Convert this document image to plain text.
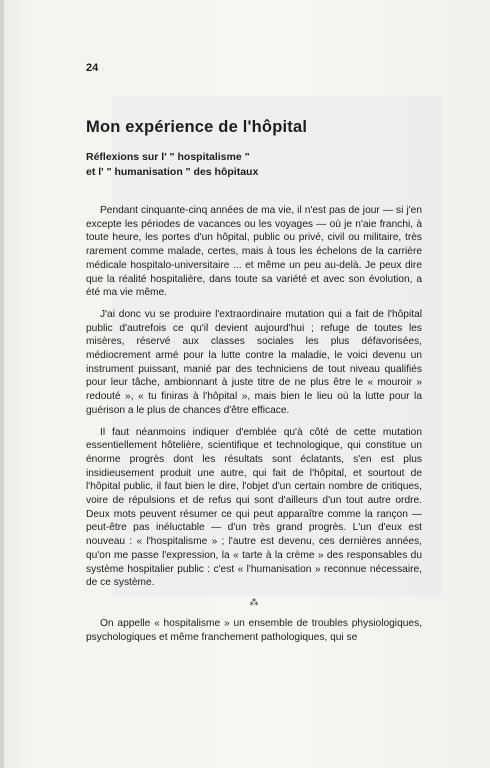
24
Mon expérience de l'hôpital
Réflexions sur l' " hospitalisme "
et l' " humanisation " des hôpitaux

Pendant cinquante-cinq années de ma vie, il n'est pas de jour — si j'en excepte les périodes de vacances ou les voyages — où je n'aie franchi, à toute heure, les portes d'un hôpital, public ou privé, civil ou militaire, très rarement comme malade, certes, mais à tous les échelons de la carrière médicale hospitalo-universitaire ... et même un peu au-delà. Je peux dire que la réalité hospitalière, dans toute sa variété et avec son évolution, a été ma vie même.

J'ai donc vu se produire l'extraordinaire mutation qui a fait de l'hôpital public d'autrefois ce qu'il devient aujourd'hui ; refuge de toutes les misères, réservé aux classes sociales les plus défavorisées, médiocrement armé pour la lutte contre la maladie, le voici devenu un instrument puissant, manié par des techniciens de tout niveau qualifiés pour leur tâche, ambionnant à juste titre de ne plus être le « mouroir » redouté », « tu finiras à l'hôpital », mais bien le lieu où la lutte pour la guérison a le plus de chances d'être efficace.

Il faut néanmoins indiquer d'emblée qu'à côté de cette mutation essentiellement hôtelière, scientifique et technologique, qui constitue un énorme progrès dont les résultats sont éclatants, s'en est plus insidieusement produit une autre, qui fait de l'hôpital, et sourtout de l'hôpital public, il faut bien le dire, l'objet d'un certain nombre de critiques, voire de répulsions et de refus qui sont d'ailleurs d'un tout autre ordre. Deux mots peuvent résumer ce qui peut apparaître comme la rançon — peut-être pas inéluctable — d'un très grand progrès. L'un d'eux est nouveau : « l'hospitalisme » ; l'autre est devenu, ces dernières années, qu'on me passe l'expression, la « tarte à la crème » des responsables du système hospitalier public : c'est « l'humanisation » reconnue nécessaire, de ce système.

⁂

On appelle « hospitalisme » un ensemble de troubles physiologiques, psychologiques et même franchement pathologiques, qui se
